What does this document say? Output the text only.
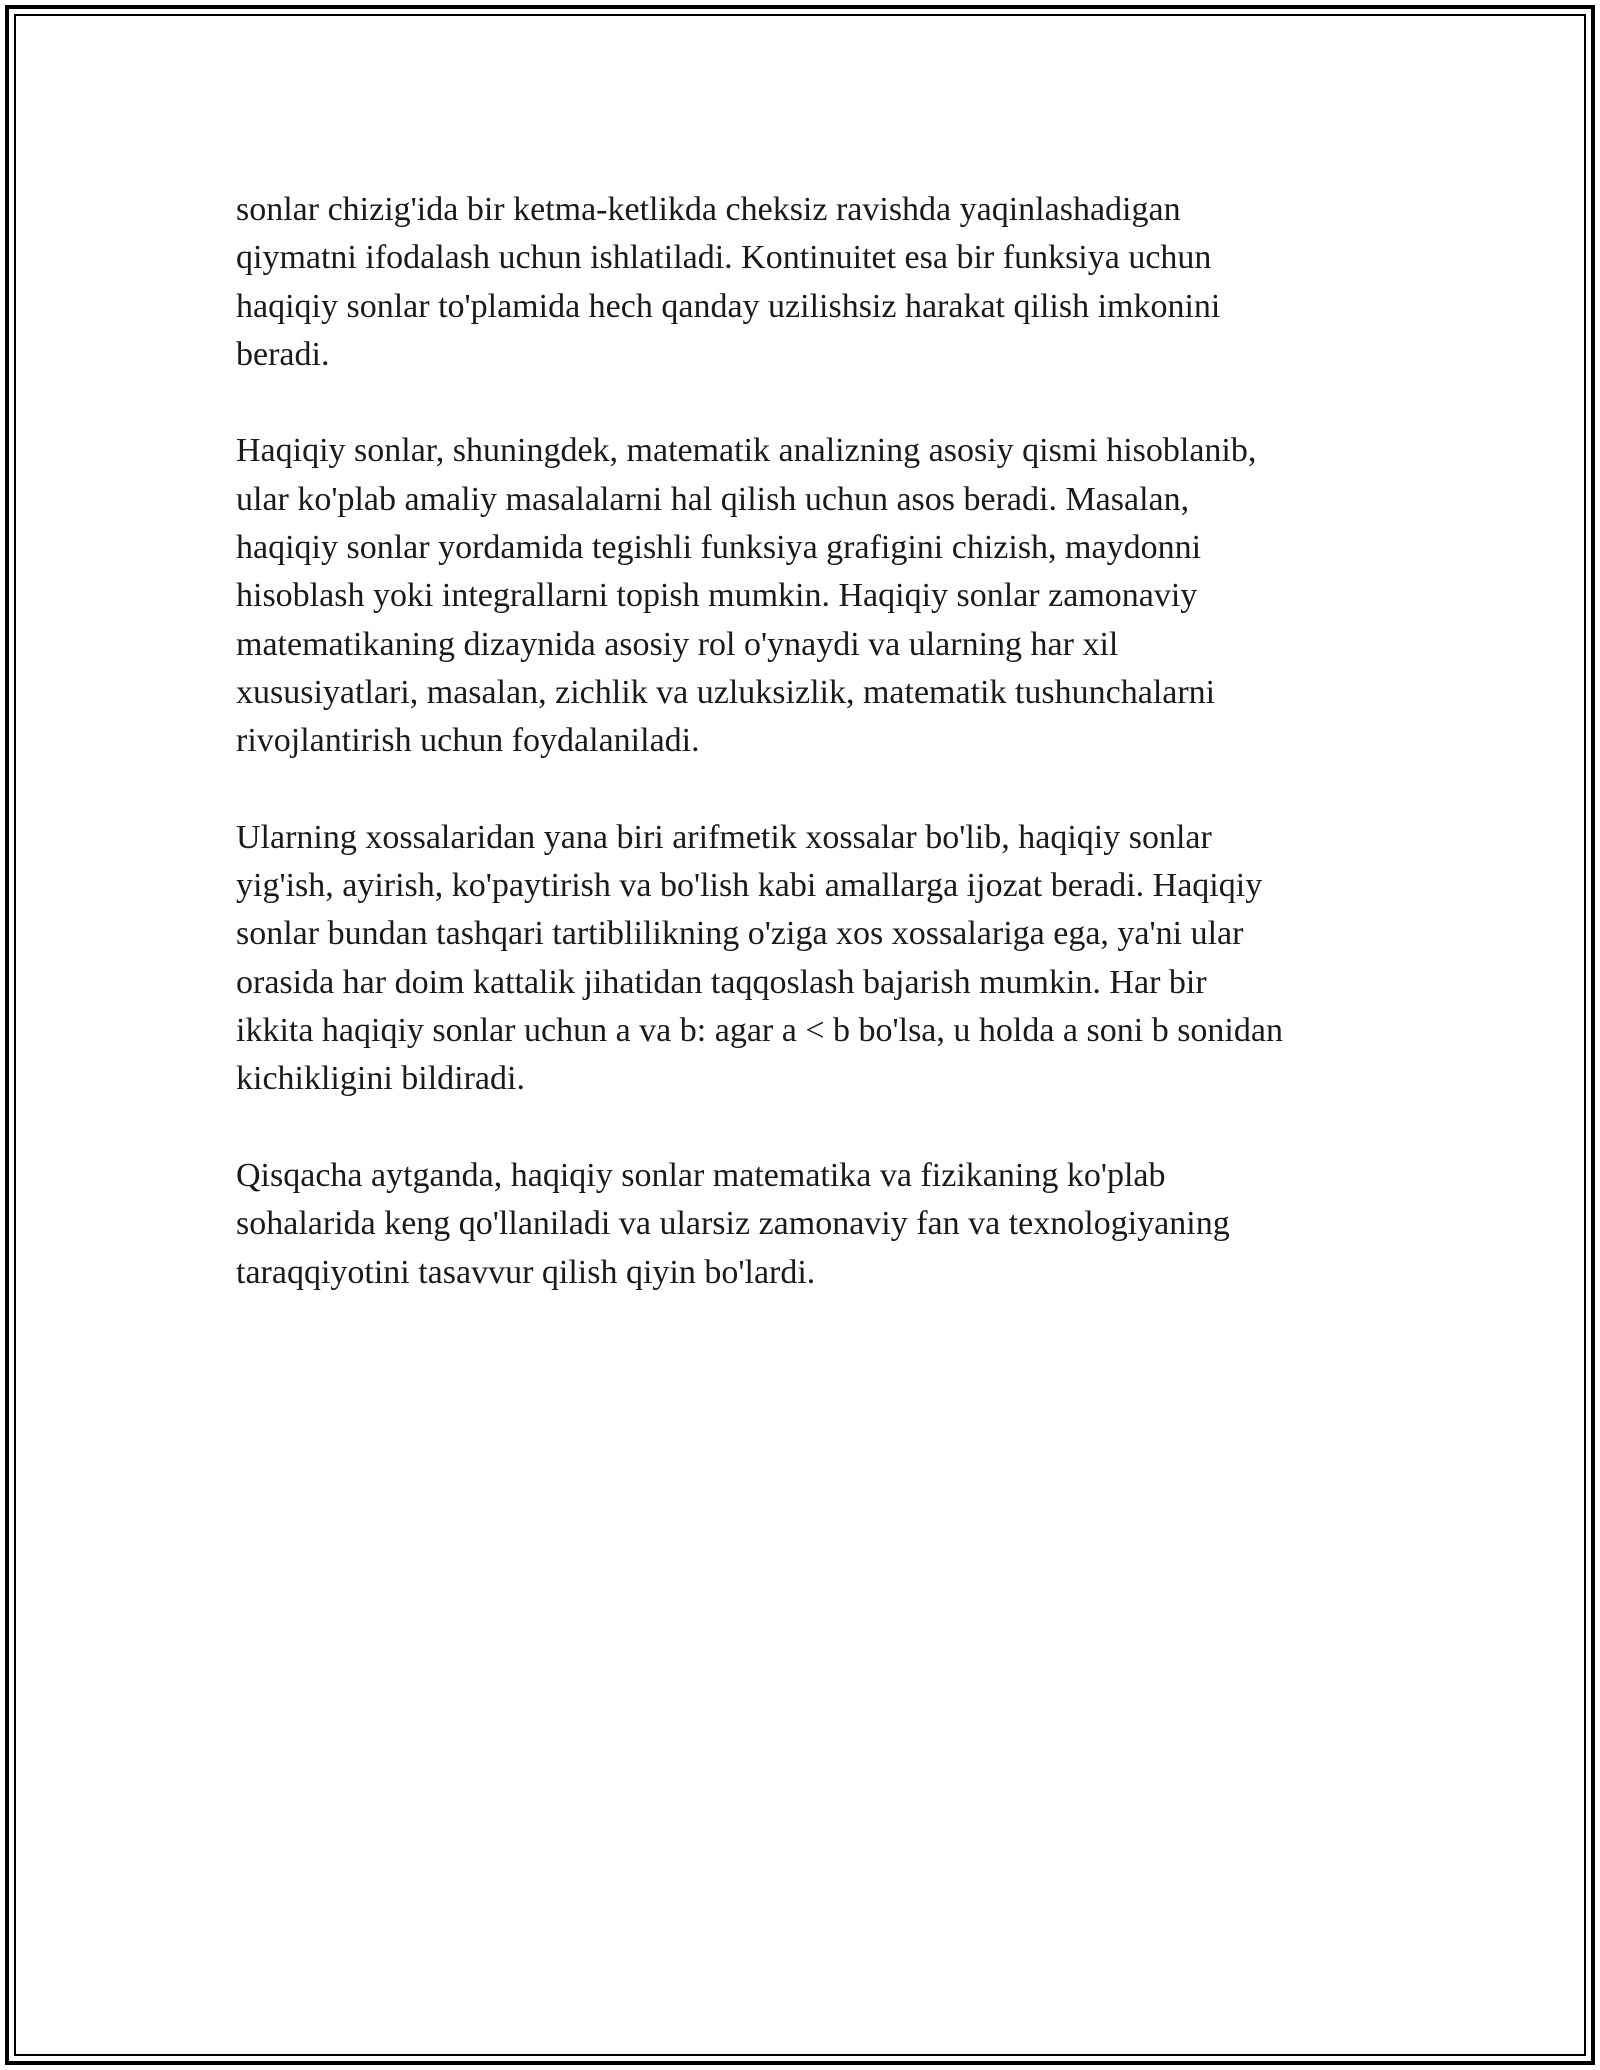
sonlar chizig'ida bir ketma-ketlikda cheksiz ravishda yaqinlashadigan
qiymatni ifodalash uchun ishlatiladi. Kontinuitet esa bir funksiya uchun
haqiqiy sonlar to'plamida hech qanday uzilishsiz harakat qilish imkonini
beradi.

Haqiqiy sonlar, shuningdek, matematik analizning asosiy qismi hisoblanib,
ular ko'plab amaliy masalalarni hal qilish uchun asos beradi. Masalan,
haqiqiy sonlar yordamida tegishli funksiya grafigini chizish, maydonni
hisoblash yoki integrallarni topish mumkin. Haqiqiy sonlar zamonaviy
matematikaning dizaynida asosiy rol o'ynaydi va ularning har xil
xususiyatlari, masalan, zichlik va uzluksizlik, matematik tushunchalarni
rivojlantirish uchun foydalaniladi.

Ularning xossalaridan yana biri arifmetik xossalar bo'lib, haqiqiy sonlar
yig'ish, ayirish, ko'paytirish va bo'lish kabi amallarga ijozat beradi. Haqiqiy
sonlar bundan tashqari tartiblilikning o'ziga xos xossalariga ega, ya'ni ular
orasida har doim kattalik jihatidan taqqoslash bajarish mumkin. Har bir
ikkita haqiqiy sonlar uchun a va b: agar a < b bo'lsa, u holda a soni b sonidan
kichikligini bildiradi.

Qisqacha aytganda, haqiqiy sonlar matematika va fizikaning ko'plab
sohalarida keng qo'llaniladi va ularsiz zamonaviy fan va texnologiyaning
taraqqiyotini tasavvur qilish qiyin bo'lardi.
